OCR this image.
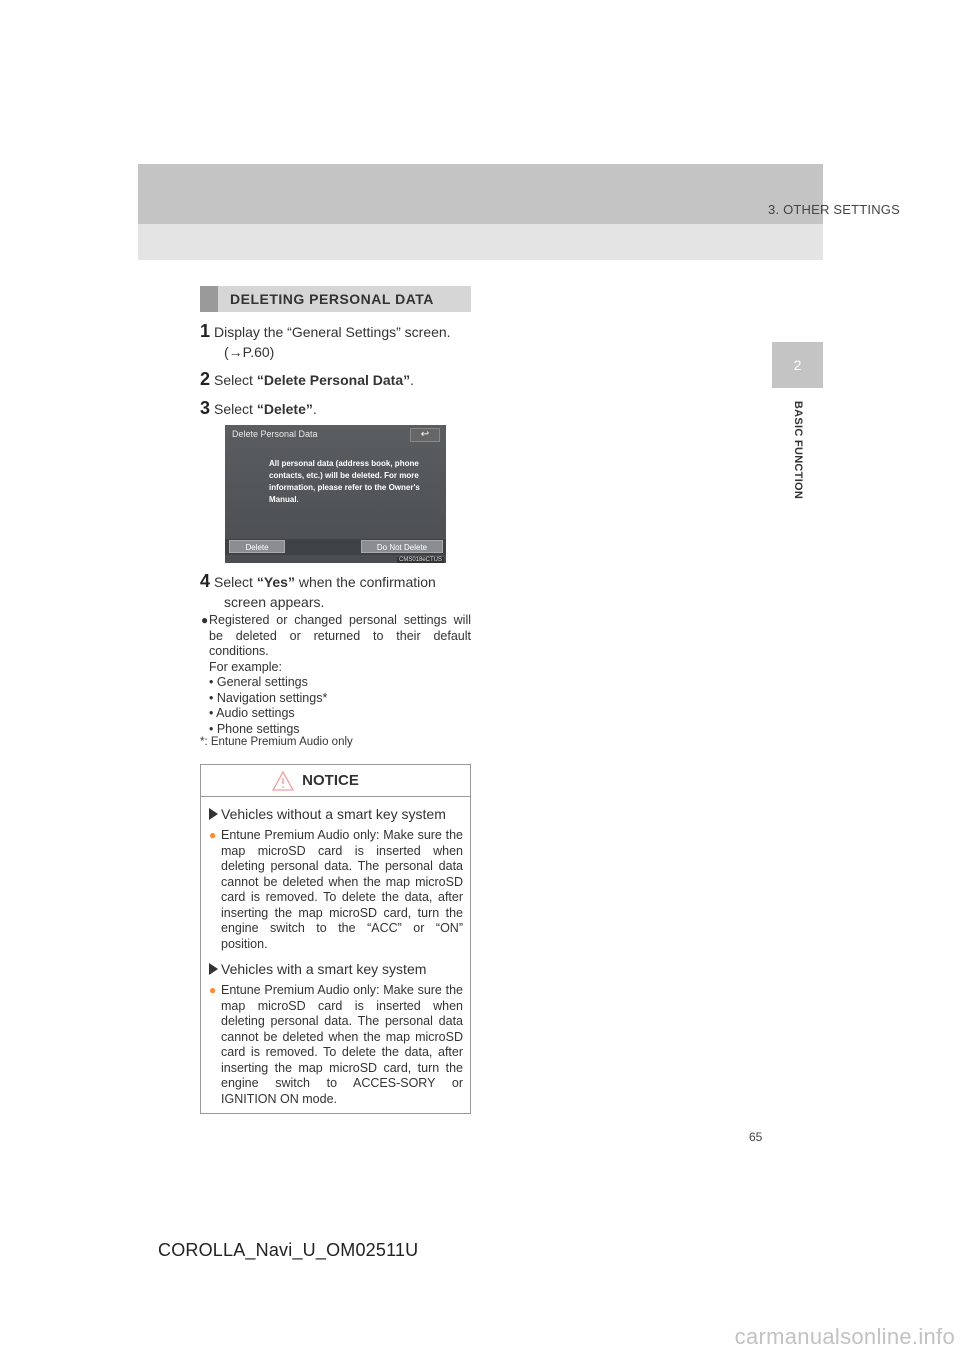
3. OTHER SETTINGS
2
BASIC FUNCTION
DELETING PERSONAL DATA
1 Display the “General Settings” screen.
(→P.60)
2 Select “Delete Personal Data”.
3 Select “Delete”.
Delete Personal Data	↩
All personal data (address book, phone contacts, etc.) will be deleted. For more information, please refer to the Owner's Manual.
Delete	Do Not Delete
CMS018eCTUS
4 Select “Yes” when the confirmation
screen appears.
● Registered or changed personal settings will be deleted or returned to their default conditions.

For example:
• General settings
• Navigation settings*
• Audio settings
• Phone settings
*: Entune Premium Audio only
NOTICE
Vehicles without a smart key system
● Entune Premium Audio only: Make sure the map microSD card is inserted when deleting personal data. The personal data cannot be deleted when the map microSD card is removed. To delete the data, after inserting the map microSD card, turn the engine switch to the “ACC” or “ON” position.
Vehicles with a smart key system
● Entune Premium Audio only: Make sure the map microSD card is inserted when deleting personal data. The personal data cannot be deleted when the map microSD card is removed. To delete the data, after inserting the map microSD card, turn the engine switch to ACCES-SORY or IGNITION ON mode.
65
COROLLA_Navi_U_OM02511U
carmanualsonline.info
